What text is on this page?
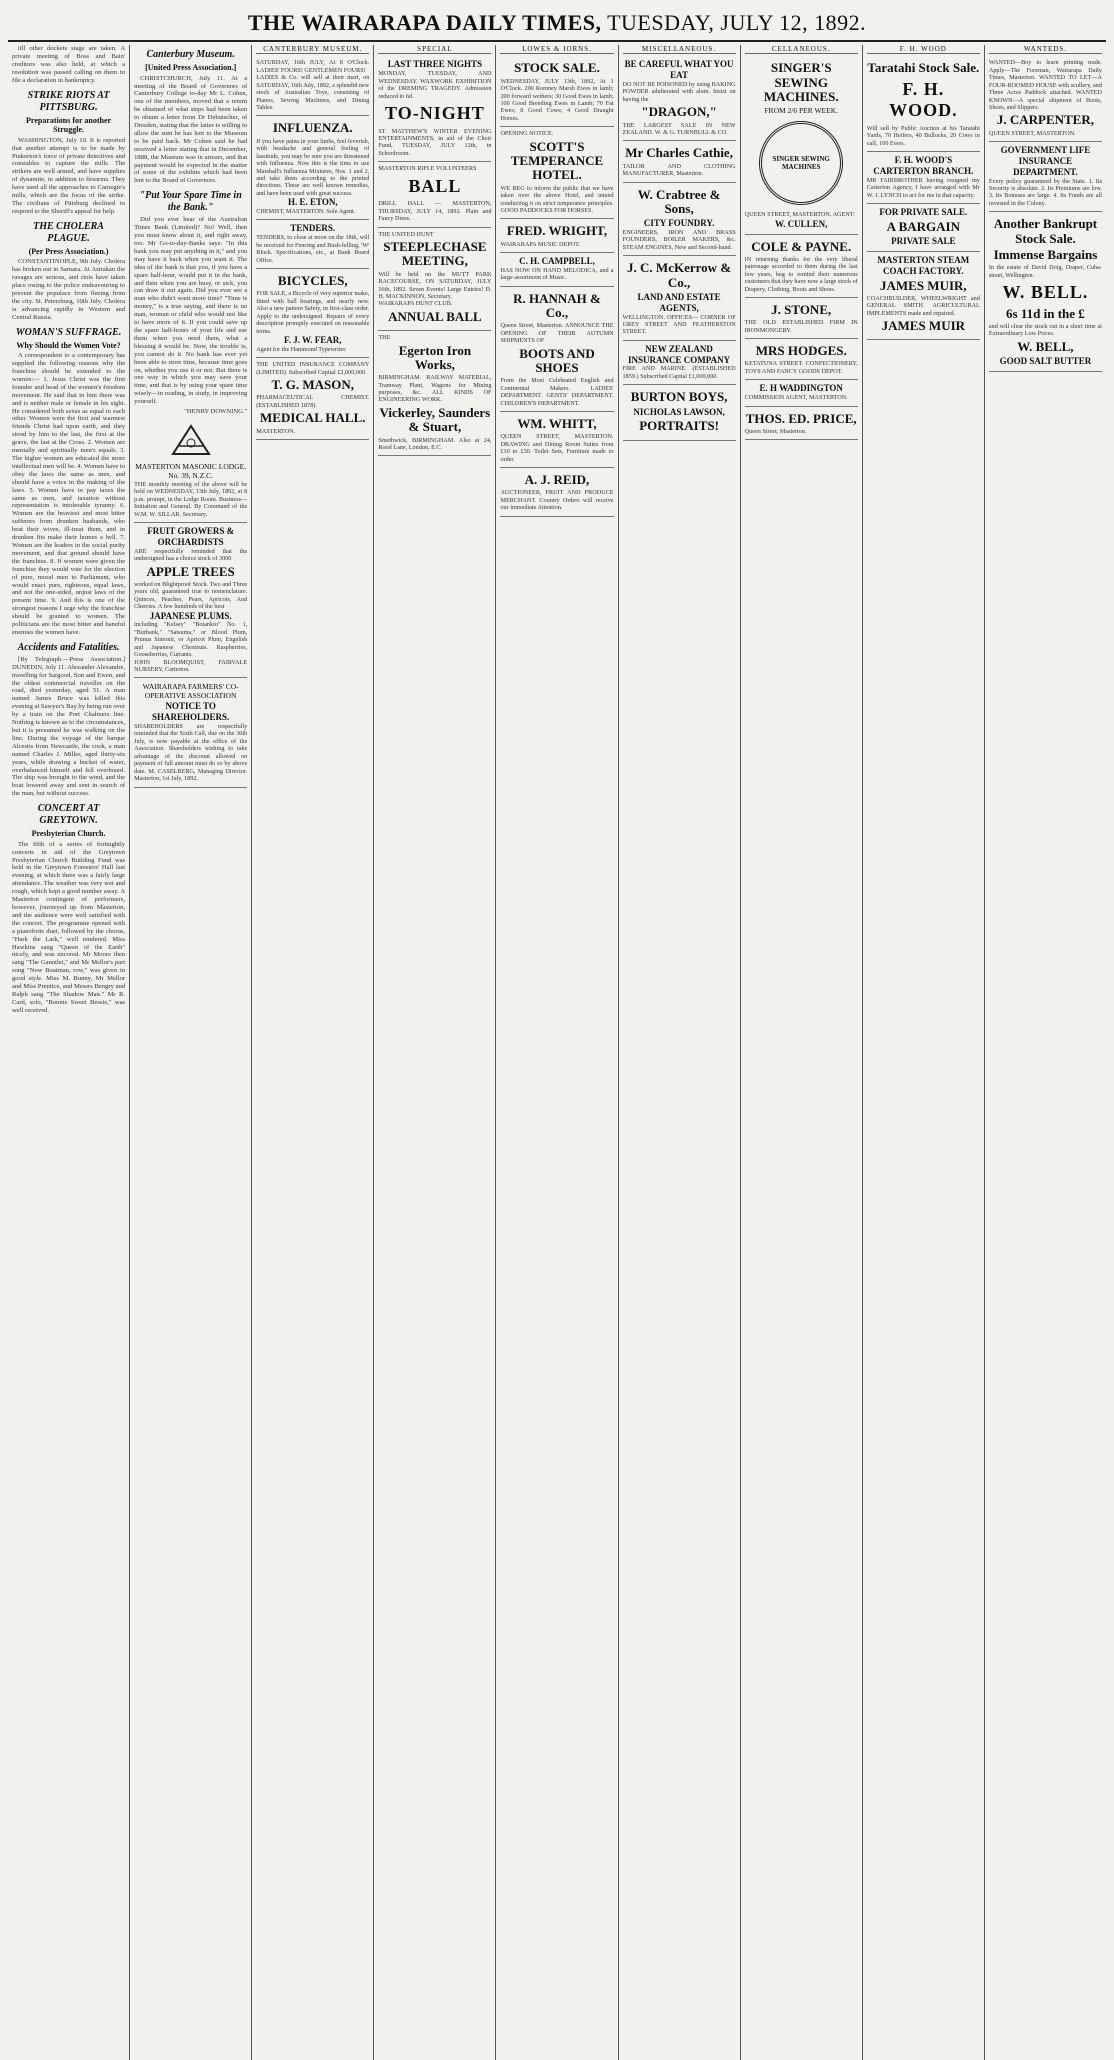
THE WAIRARAPA DAILY TIMES, TUESDAY, JULY 12, 1892.

till other dockets stage are taken. A private meeting of Boss and Bain' creditors was also held, at which a resolution was passed calling on them to file a declaration in bankruptcy.

STRIKE RIOTS AT PITTSBURG.
Preparations for another Struggle.

WASHINGTON, July 10. It is reported that another attempt is to be made by Pinkerton's force of private detectives and constables to capture the mills. The strikers are well armed, and have supplies of dynamite, in addition to firearms. They have used all the approaches to Carnegie's mills, which are the focus of the strike. The civilians of Pittsburg declined to respond to the Sheriff's appeal for help.

THE CHOLERA PLAGUE.
(Per Press Association.)

CONSTANTINOPLE, 9th July. Cholera has broken out in Samara. At Astrakan the ravages are serious, and riots have taken place owing to the police endeavouring to prevent the populace from fleeing from the city. St. Petersburg, 10th July. Cholera is advancing rapidly in Western and Central Russia.

WOMAN'S SUFFRAGE.
Why Should the Women Vote?

A correspondent to a contemporary has supplied the following reasons why the franchise should be extended to the women:— 1. Jesus Christ was the first founder and head of the women's freedom movement. He said that in him there was and is neither male or female in his sight. He considered both sexes as equal to each other. Women were the first and warmest friends Christ had upon earth, and they stood by him to the last, the first at the grave, the last at the Cross. 2. Women are mentally and spiritually men's equals. 3. The higher women are educated the more intellectual men will be. 4. Women have to obey the laws the same as men, and should have a voice in the making of the laws. 5. Women have to pay taxes the same as men, and taxation without representation is intolerable tyranny. 6. Women are the heaviest and most bitter sufferers from drunken husbands, who beat their wives, ill-treat them, and in drunken fits make their homes a hell. 7. Women are the leaders in the social purity movement, and that ground should have the franchise. 8. If women were given the franchise they would vote for the election of pure, moral men to Parliament, who would enact pure, righteous, equal laws, and not the one-sided, unjust laws of the present time. 9. And this is one of the strongest reasons I urge why the franchise should be granted to women. The politicians are the most bitter and baneful enemies the women have.

Accidents and Fatalities.

[By Telegraph.—Press Association.] DUNEDIN, July 11. Alexander Alexandre, travelling for Sargood, Son and Ewen, and the oldest commercial traveller on the road, died yesterday, aged 51. A man named James Bruce was killed this evening at Sawyer's Bay by being run over by a train on the Port Chalmers line. Nothing is known as to the circumstances, but it is presumed he was walking on the line. During the voyage of the barque Alcestis from Newcastle, the cook, a man named Charles J. Miller, aged thirty-six years, while drawing a bucket of water, overbalanced himself and fell overboard. The ship was brought to the wind, and the boat lowered away and sent in search of the man, but without success.

CONCERT AT GREYTOWN.
Presbyterian Church.

The fifth of a series of fortnightly concerts in aid of the Greytown Presbyterian Church Building Fund was held in the Greytown Foresters' Hall last evening, at which there was a fairly large attendance. The weather was very wet and rough, which kept a good number away. A Masterton contingent of performers, however, journeyed up from Masterton, and the audience were well satisfied with the concert. The programme opened with a pianoforte duet, followed by the chorus, "Hark the Lark," well rendered. Miss Hawkins sang "Queen of the Earth" nicely, and was encored. Mr Moore then sang "The Gauntlet," and Mr Mellor's part song "Now Boatman, row," was given in good style. Miss M. Bunny, Mr Mellor and Miss Prentice, and Messrs Bengry and Ralph sang "The Shadow Man." Mr R. Card, solo, "Bonnie Sweet Bessie," was well received.

Canterbury Museum.
[United Press Association.]

CHRISTCHURCH, July 11. At a meeting of the Board of Governors of Canterbury College to-day Mr L. Cohen, one of the members, moved that a return be obtained of what steps had been taken to obtain a letter from Dr Debutscher, of Dresden, stating that the latter is willing to allow the sum he has lent to the Museum to be paid back. Mr Cohen said he had received a letter stating that in December, 1888, the Museum was in arrears, and that payment would be expected in the matter of some of the exhibits which had been lent to the Board of Governors.

"Put Your Spare Time in the Bank."

Did you ever hear of the Australian Times Bank (Limited)? No! Well, then you must know about it, and right away, too. Mr Go-to-day-Banks says: "In this bank you may put anything in it," and you may have it back when you want it. The idea of the bank is that you, if you have a spare half-hour, would put it in the bank, and then when you are busy, or sick, you can draw it out again. Did you ever see a man who didn't want more time? "Time is money," is a true saying, and there is no man, woman or child who would not like to have more of it. If you could save up the spare half-hours of your life and use them when you need them, what a blessing it would be. Now, the trouble is, you cannot do it. No bank has ever yet been able to store time, because time goes on, whether you use it or not. But there is one way in which you may save your time, and that is by using your spare time wisely—in reading, in study, in improving yourself.

"HENRY DOWNING."

MASTERTON MASONIC LODGE, No. 39, N.Z.C.
THE monthly meeting of the above will be held on WEDNESDAY, 13th July, 1892, at 8 p.m. prompt, in the Lodge Room. Business—Initiation and General. By Command of the W.M. W. SILLAR, Secretary.
FRUIT GROWERS & ORCHARDISTS
ARE respectfully reminded that the undersigned has a choice stock of 3000
APPLE TREES
worked on Blightproof Stock. Two and Three years old, guaranteed true to nomenclature. Quinces, Peaches, Pears, Apricots, And Cherries. A few hundreds of the best
JAPANESE PLUMS.
including "Kelsey" "Botankio" No. 1, "Burbank," "Satsuma," or Blood Plum, Prunus Simonii, or Apricot Plum, Engelish and Japanese Chestnuts. Raspberries, Gooseberries, Currants.
JOHN BLOOMQUIST, FAIRVALE NURSERY, Carterton.
WAIRARAPA FARMERS' CO-OPERATIVE ASSOCIATION
NOTICE TO SHAREHOLDERS.
SHAREHOLDERS are respectfully reminded that the Sixth Call, due on the 30th July, is now payable at the office of the Association. Shareholders wishing to take advantage of the discount allowed on payment of full amount must do so by above date. M. CASELBERG, Managing Director. Masterton, 1st July, 1892.
CANTERBURY MUSEUM.
SATURDAY, 16th JULY, At 8 O'Clock. LADIES' FOURS! GENTLEMEN FOURS!
LADIES & Co. will sell at their mart, on SATURDAY, 16th July, 1892, a splendid new stock of Australian Toys, consisting of Pianos, Sewing Machines, and Dining Tables.
INFLUENZA.
If you have pains in your limbs, feel feverish, with headache and general feeling of lassitude, you may be sure you are threatened with Influenza. Now this is the time to use Marshall's Influenza Mixtures, Nos. 1 and 2, and take them according to the printed directions. These are well known remedies, and have been used with great success.
H. E. ETON,
CHEMIST, MASTERTON. Sole Agent.
TENDERS.
TENDERS, to close at noon on the 18th, will be received for Fencing and Bush-felling, 'W' Block. Specifications, etc., at Bank Board Office.
BICYCLES,
FOR SALE, a Bicycle of very superior make, fitted with ball bearings, and nearly new. Also a new pattern Safety, in first-class order. Apply to the undersigned. Repairs of every description promptly executed on reasonable terms.
F. J. W. FEAR,
Agent for the Hammond Typewriter.
THE UNITED INSURANCE COMPANY (LIMITED). Subscribed Capital £2,000,000.
T. G. MASON,
PHARMACEUTICAL CHEMIST. (ESTABLISHED 1878).
MEDICAL HALL.
MASTERTON.
SPECIAL
LAST THREE NIGHTS
MONDAY, TUESDAY, AND WEDNESDAY. WAXWORK EXHIBITION of the DREMING TRAGEDY. Admission reduced to 6d.
TO-NIGHT
ST MATTHEW'S WINTER EVENING ENTERTAINMENTS, in aid of the Choir Fund, TUESDAY, JULY 12th, in Schoolroom.
MASTERTON RIFLE VOLUNTEERS
BALL
DRILL HALL — MASTERTON, THURSDAY, JULY 14, 1892. Plain and Fancy Dress.
THE UNITED HUNT
STEEPLECHASE MEETING,
Will be held on the MUTT PARK RACECOURSE, ON SATURDAY, JULY 16th, 1892. Seven Events! Large Entries! D. H. MACKINNON, Secretary.
WAIRARAPA HUNT CLUB.
ANNUAL BALL
THE
Egerton Iron Works,
BIRMINGHAM. RAILWAY MATERIAL, Tramway Plant, Wagons for Mining purposes, &c. ALL KINDS OF ENGINEERING WORK.
Vickerley, Saunders & Stuart,
Smethwick, BIRMINGHAM. Also at 24, Rood Lane, London, E.C.
LOWES & IORNS.
STOCK SALE.
WEDNESDAY, JULY 13th, 1892, At 1 O'Clock. 200 Romney Marsh Ewes in lamb; 200 forward wethers; 30 Good Ewes in lamb; 100 Good Breeding Ewes in Lamb; 70 Fat Ewes; 8 Good Cows; 4 Good Draught Horses.
OPENING NOTICE.
SCOTT'S TEMPERANCE HOTEL.
WE BEG to inform the public that we have taken over the above Hotel, and intend conducting it on strict temperance principles. GOOD PADDOCKS FOR HORSES.
FRED. WRIGHT,
WAIRARAPA MUSIC DEPOT.
C. H. CAMPBELL,
HAS NOW ON HAND MELODICA, and a large assortment of Music.
R. HANNAH & Co.,
Queen Street, Masterton. ANNOUNCE THE OPENING OF THEIR AUTUMN SHIPMENTS OF
BOOTS AND SHOES
From the Most Celebrated English and Continental Makers. LADIES' DEPARTMENT. GENTS' DEPARTMENT. CHILDREN'S DEPARTMENT.
WM. WHITT,
QUEEN STREET, MASTERTON. DRAWING and Dining Room Suites from £10 to £30. Toilet Sets, Furniture made to order.
A. J. REID,
AUCTIONEER, FRUIT AND PRODUCE MERCHANT. Country Orders will receive our immediate Attention.
MISCELLANEOUS.
BE CAREFUL WHAT YOU EAT
DO NOT BE POISONED by using BAKING POWDER adulterated with alum. Insist on having the
"DRAGON,"
THE LARGEST SALE IN NEW ZEALAND. W. & G. TURNBULL & CO.
Mr Charles Cathie,
TAILOR AND CLOTHING MANUFACTURER, Masterton.
W. Crabtree & Sons,
CITY FOUNDRY.
ENGINEERS, IRON AND BRASS FOUNDERS, BOILER MAKERS, &c. STEAM ENGINES, New and Second-hand.
J. C. McKerrow & Co.,
LAND AND ESTATE AGENTS,
WELLINGTON. OFFICES— CORNER OF GREY STREET AND FEATHERSTON STREET.
NEW ZEALAND INSURANCE COMPANY
FIRE AND MARINE. (ESTABLISHED 1859.) Subscribed Capital £1,000,000.
BURTON BOYS,
NICHOLAS LAWSON,
PORTRAITS!
CELLANEOUS.
SINGER'S SEWING MACHINES.
FROM 2/6 PER WEEK.
SINGER SEWING MACHINES
QUEEN STREET, MASTERTON. AGENT:
W. CULLEN,
COLE & PAYNE.
IN returning thanks for the very liberal patronage accorded to them during the last few years, beg to remind their numerous customers that they have now a large stock of Drapery, Clothing, Boots and Shoes.
J. STONE,
THE OLD ESTABLISHED FIRM IN IRONMONGERY.
MRS HODGES.
KETATUNA STREET. CONFECTIONERY, TOYS AND FANCY GOODS DEPOT.
E. H WADDINGTON
COMMISSION AGENT, MASTERTON.
THOS. ED. PRICE,
Queen Street, Masterton.
F. H. WOOD
Taratahi Stock Sale.
F. H. WOOD.
Will sell by Public Auction at his Taratahi Yards, 70 Heifers, 40 Bullocks, 20 Cows in calf, 100 Ewes.
F. H. WOOD'S CARTERTON BRANCH.
MR FAIRBROTHER having resigned my Carterton Agency, I have arranged with Mr W. J. LYNCH to act for me in that capacity.
FOR PRIVATE SALE.
A BARGAIN
PRIVATE SALE
MASTERTON STEAM COACH FACTORY.
JAMES MUIR,
COACHBUILDER, WHEELWRIGHT and GENERAL SMITH. AGRICULTURAL IMPLEMENTS made and repaired.
JAMES MUIR
WANTEDS.
WANTED—Boy to learn printing trade. Apply—The Foreman, Wairarapa Daily Times, Masterton. WANTED TO LET—A FOUR-ROOMED HOUSE with scullery, and Three Acres Paddock attached. WANTED KNOWN—A special shipment of Boots, Shoes, and Slippers.
J. CARPENTER,
QUEEN STREET, MASTERTON.
GOVERNMENT LIFE INSURANCE DEPARTMENT.
Every policy guaranteed by the State. 1. Its Security is absolute. 2. Its Premiums are low. 3. Its Bonuses are large. 4. Its Funds are all invested in the Colony.
Another Bankrupt Stock Sale.
Immense Bargains
In the estate of David Doig, Draper, Cuba-street, Wellington.
W. BELL.
6s 11d in the £
and will clear the stock out in a short time at Extraordinary Low Prices.
W. BELL,
GOOD SALT BUTTER
